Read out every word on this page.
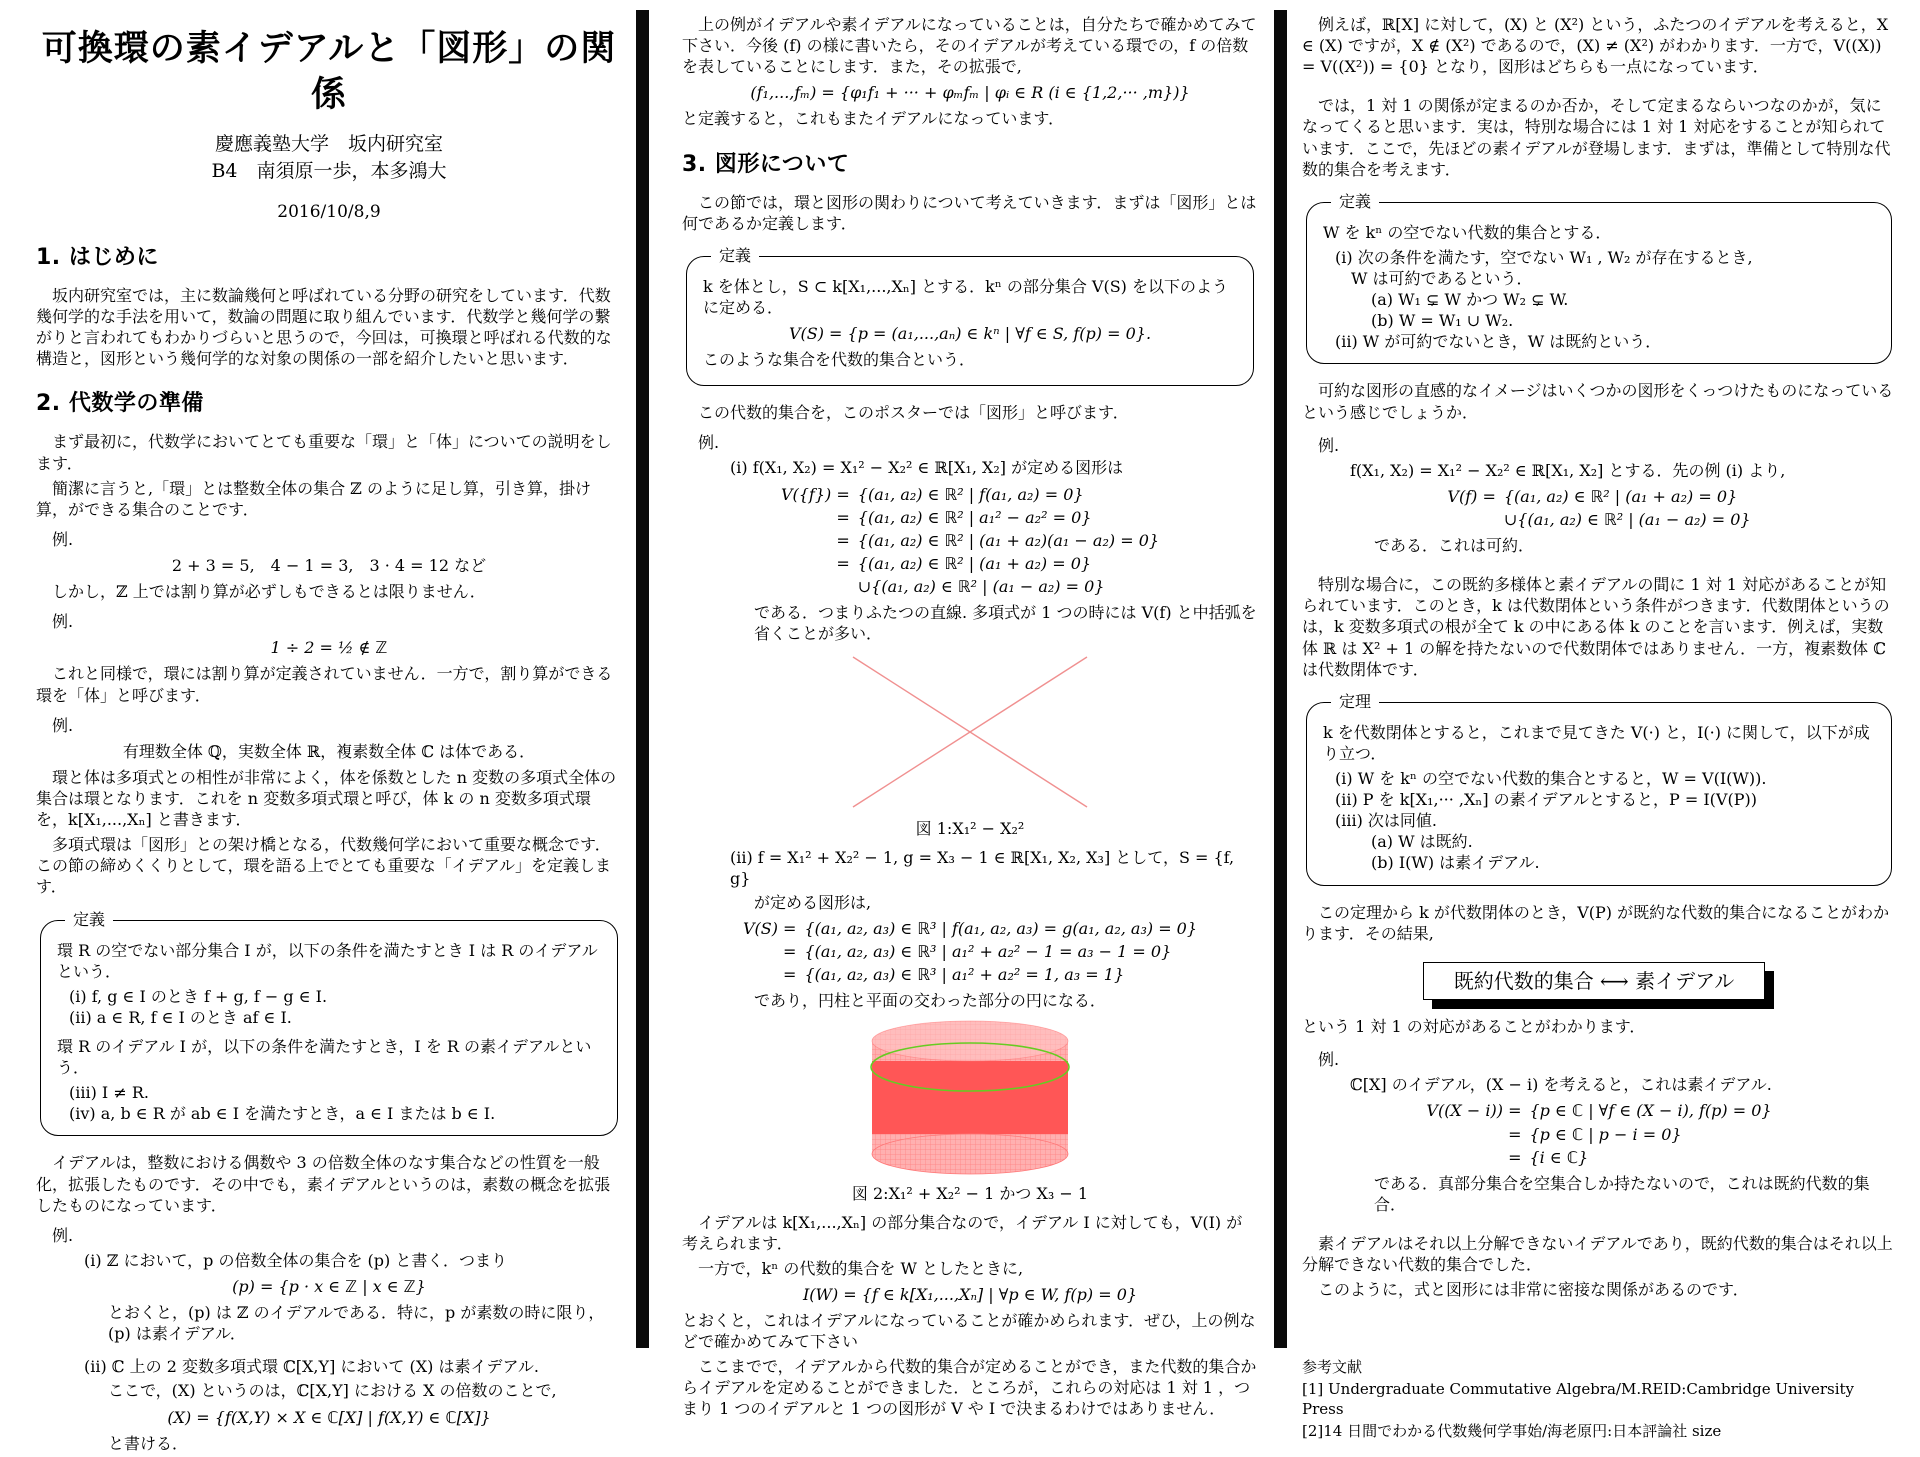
可換環の素イデアルと「図形」の関係
慶應義塾大学　坂内研究室
B4　南須原一歩，本多鴻大
2016/10/8,9
1. はじめに

坂内研究室では，主に数論幾何と呼ばれている分野の研究をしています．代数幾何学的な手法を用いて，数論の問題に取り組んでいます．代数学と幾何学の繋がりと言われてもわかりづらいと思うので，今回は，可換環と呼ばれる代数的な構造と，図形という幾何学的な対象の関係の一部を紹介したいと思います．

2. 代数学の準備

まず最初に，代数学においてとても重要な「環」と「体」についての説明をします．

簡潔に言うと,「環」とは整数全体の集合 ℤ のように足し算，引き算，掛け算，ができる集合のことです．

例.
2 + 3 = 5,　4 − 1 = 3,　3 · 4 = 12 など

しかし，ℤ 上では割り算が必ずしもできるとは限りません．

例.
1 ÷ 2 = ½ ∉ ℤ

これと同様で，環には割り算が定義されていません．一方で，割り算ができる環を「体」と呼びます．

例.
有理数全体 ℚ，実数全体 ℝ，複素数全体 ℂ は体である．

環と体は多項式との相性が非常によく，体を係数とした n 変数の多項式全体の集合は環となります．これを n 変数多項式環と呼び，体 k の n 変数多項式環を，k[X₁,...,Xₙ] と書きます．

多項式環は「図形」との架け橋となる，代数幾何学において重要な概念です．この節の締めくくりとして，環を語る上でとても重要な「イデアル」を定義します．

定義
環 R の空でない部分集合 I が，以下の条件を満たすとき I は R のイデアルという．
(i) f, g ∈ I のとき f + g, f − g ∈ I.
(ii) a ∈ R, f ∈ I のとき af ∈ I.
環 R のイデアル I が，以下の条件を満たすとき，I を R の素イデアルという．
(iii) I ≠ R.
(iv) a, b ∈ R が ab ∈ I を満たすとき，a ∈ I または b ∈ I.

イデアルは，整数における偶数や 3 の倍数全体のなす集合などの性質を一般化，拡張したものです．その中でも，素イデアルというのは，素数の概念を拡張したものになっています．

例.
(i) ℤ において，p の倍数全体の集合を (p) と書く．つまり
(p) = {p · x ∈ ℤ | x ∈ ℤ}
とおくと，(p) は ℤ のイデアルである．特に，p が素数の時に限り，(p) は素イデアル．
(ii) ℂ 上の 2 変数多項式環 ℂ[X,Y] において (X) は素イデアル.
ここで，(X) というのは，ℂ[X,Y] における X の倍数のことで,
(X) = {f(X,Y) × X ∈ ℂ[X] | f(X,Y) ∈ ℂ[X]}
と書ける．

上の例がイデアルや素イデアルになっていることは，自分たちで確かめてみて下さい．今後 (f) の様に書いたら，そのイデアルが考えている環での，f の倍数を表していることにします．また，その拡張で,

(f₁,...,fₘ) = {φ₁f₁ + ··· + φₘfₘ | φᵢ ∈ R (i ∈ {1,2,··· ,m})}

と定義すると，これもまたイデアルになっています．

3. 図形について

この節では，環と図形の関わりについて考えていきます．まずは「図形」とは何であるか定義します．

定義
k を体とし，S ⊂ k[X₁,...,Xₙ] とする．kⁿ の部分集合 V(S) を以下のように定める．
V(S) = {p = (a₁,...,aₙ) ∈ kⁿ | ∀f ∈ S, f(p) = 0}.
このような集合を代数的集合という．

この代数的集合を，このポスターでは「図形」と呼びます．

例.
(i) f(X₁, X₂) = X₁² − X₂² ∈ ℝ[X₁, X₂] が定める図形は
V({f}) =	{(a₁, a₂) ∈ ℝ² | f(a₁, a₂) = 0}
=	{(a₁, a₂) ∈ ℝ² | a₁² − a₂² = 0}
=	{(a₁, a₂) ∈ ℝ² | (a₁ + a₂)(a₁ − a₂) = 0}
=	{(a₁, a₂) ∈ ℝ² | (a₁ + a₂) = 0}
	∪{(a₁, a₂) ∈ ℝ² | (a₁ − a₂) = 0}
である．つまりふたつの直線. 多項式が 1 つの時には V(f) と中括弧を省くことが多い．
図 1:X₁² − X₂²
(ii) f = X₁² + X₂² − 1, g = X₃ − 1 ∈ ℝ[X₁, X₂, X₃] として，S = {f, g}
が定める図形は,
V(S) =	{(a₁, a₂, a₃) ∈ ℝ³ | f(a₁, a₂, a₃) = g(a₁, a₂, a₃) = 0}
=	{(a₁, a₂, a₃) ∈ ℝ³ | a₁² + a₂² − 1 = a₃ − 1 = 0}
=	{(a₁, a₂, a₃) ∈ ℝ³ | a₁² + a₂² = 1, a₃ = 1}
であり，円柱と平面の交わった部分の円になる．
図 2:X₁² + X₂² − 1 かつ X₃ − 1

イデアルは k[X₁,...,Xₙ] の部分集合なので，イデアル I に対しても，V(I) が考えられます．

一方で，kⁿ の代数的集合を W としたときに,

I(W) = {f ∈ k[X₁,...,Xₙ] | ∀p ∈ W, f(p) = 0}

とおくと，これはイデアルになっていることが確かめられます．ぜひ，上の例などで確かめてみて下さい

ここまでで，イデアルから代数的集合が定めることができ，また代数的集合からイデアルを定めることができました．ところが，これらの対応は 1 対 1 ，つまり 1 つのイデアルと 1 つの図形が V や I で決まるわけではありません．

例えば，ℝ[X] に対して，(X) と (X²) という，ふたつのイデアルを考えると，X ∈ (X) ですが，X ∉ (X²) であるので，(X) ≠ (X²) がわかります．一方で，V((X)) = V((X²)) = {0} となり，図形はどちらも一点になっています．

では，1 対 1 の関係が定まるのか否か，そして定まるならいつなのかが，気になってくると思います．実は，特別な場合には 1 対 1 対応をすることが知られています．ここで，先ほどの素イデアルが登場します．まずは，準備として特別な代数的集合を考えます．

定義
W を kⁿ の空でない代数的集合とする．
(i) 次の条件を満たす，空でない W₁ , W₂ が存在するとき,
W は可約であるという．
(a) W₁ ⊊ W かつ W₂ ⊊ W.
(b) W = W₁ ∪ W₂.
(ii) W が可約でないとき，W は既約という．

可約な図形の直感的なイメージはいくつかの図形をくっつけたものになっているという感じでしょうか．

例.
f(X₁, X₂) = X₁² − X₂² ∈ ℝ[X₁, X₂] とする．先の例 (i) より,
V(f) =	{(a₁, a₂) ∈ ℝ² | (a₁ + a₂) = 0}
	∪{(a₁, a₂) ∈ ℝ² | (a₁ − a₂) = 0}
である．これは可約．

特別な場合に，この既約多様体と素イデアルの間に 1 対 1 対応があることが知られています．このとき，k は代数閉体という条件がつきます．代数閉体というのは，k 変数多項式の根が全て k の中にある体 k のことを言います．例えば，実数体 ℝ は X² + 1 の解を持たないので代数閉体ではありません．一方，複素数体 ℂ は代数閉体です．

定理
k を代数閉体とすると，これまで見てきた V(·) と，I(·) に関して，以下が成り立つ．
(i) W を kⁿ の空でない代数的集合とすると，W = V(I(W)).
(ii) P を k[X₁,··· ,Xₙ] の素イデアルとすると，P = I(V(P))
(iii) 次は同値.
(a) W は既約.
(b) I(W) は素イデアル.

この定理から k が代数閉体のとき，V(P) が既約な代数的集合になることがわかります．その結果,

既約代数的集合 ⟷ 素イデアル

という 1 対 1 の対応があることがわかります．

例.
ℂ[X] のイデアル，(X − i) を考えると，これは素イデアル.
V((X − i)) =	{p ∈ ℂ | ∀f ∈ (X − i), f(p) = 0}
=	{p ∈ ℂ | p − i = 0}
=	{i ∈ ℂ}
である．真部分集合を空集合しか持たないので，これは既約代数的集合．

素イデアルはそれ以上分解できないイデアルであり，既約代数的集合はそれ以上分解できない代数的集合でした．

このように，式と図形には非常に密接な関係があるのです．

参考文献
[1] Undergraduate Commutative Algebra/M.REID:Cambridge University Press
[2]14 日間でわかる代数幾何学事始/海老原円:日本評論社 size
